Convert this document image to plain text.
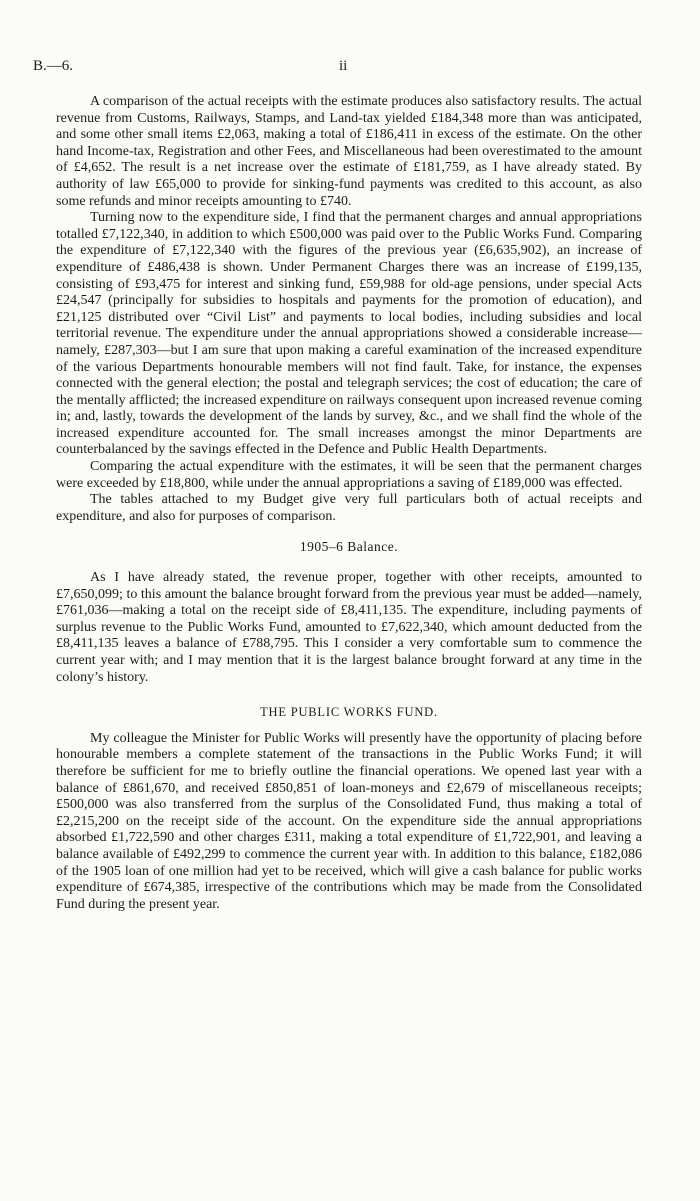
B.—6.	ii

A comparison of the actual receipts with the estimate produces also satisfactory results. The actual revenue from Customs, Railways, Stamps, and Land-tax yielded £184,348 more than was anticipated, and some other small items £2,063, making a total of £186,411 in excess of the estimate. On the other hand Income-tax, Registration and other Fees, and Miscellaneous had been overestimated to the amount of £4,652. The result is a net increase over the estimate of £181,759, as I have already stated. By authority of law £65,000 to provide for sinking-fund payments was credited to this account, as also some refunds and minor receipts amounting to £740.

Turning now to the expenditure side, I find that the permanent charges and annual appropriations totalled £7,122,340, in addition to which £500,000 was paid over to the Public Works Fund. Comparing the expenditure of £7,122,340 with the figures of the previous year (£6,635,902), an increase of expenditure of £486,438 is shown. Under Permanent Charges there was an increase of £199,135, consisting of £93,475 for interest and sinking fund, £59,988 for old-age pensions, under special Acts £24,547 (principally for subsidies to hospitals and payments for the promotion of education), and £21,125 distributed over “Civil List” and payments to local bodies, including subsidies and local territorial revenue. The expenditure under the annual appropriations showed a considerable increase—namely, £287,303—but I am sure that upon making a careful examination of the increased expenditure of the various Departments honourable members will not find fault. Take, for instance, the expenses connected with the general election; the postal and telegraph services; the cost of education; the care of the mentally afflicted; the increased expenditure on railways consequent upon increased revenue coming in; and, lastly, towards the development of the lands by survey, &c., and we shall find the whole of the increased expenditure accounted for. The small increases amongst the minor Departments are counterbalanced by the savings effected in the Defence and Public Health Departments.

Comparing the actual expenditure with the estimates, it will be seen that the permanent charges were exceeded by £18,800, while under the annual appropriations a saving of £189,000 was effected.

The tables attached to my Budget give very full particulars both of actual receipts and expenditure, and also for purposes of comparison.

1905–6 Balance.

As I have already stated, the revenue proper, together with other receipts, amounted to £7,650,099; to this amount the balance brought forward from the previous year must be added—namely, £761,036—making a total on the receipt side of £8,411,135. The expenditure, including payments of surplus revenue to the Public Works Fund, amounted to £7,622,340, which amount deducted from the £8,411,135 leaves a balance of £788,795. This I consider a very comfortable sum to commence the current year with; and I may mention that it is the largest balance brought forward at any time in the colony’s history.

THE PUBLIC WORKS FUND.

My colleague the Minister for Public Works will presently have the opportunity of placing before honourable members a complete statement of the transactions in the Public Works Fund; it will therefore be sufficient for me to briefly outline the financial operations. We opened last year with a balance of £861,670, and received £850,851 of loan-moneys and £2,679 of miscellaneous receipts; £500,000 was also transferred from the surplus of the Consolidated Fund, thus making a total of £2,215,200 on the receipt side of the account. On the expenditure side the annual appropriations absorbed £1,722,590 and other charges £311, making a total expenditure of £1,722,901, and leaving a balance available of £492,299 to commence the current year with. In addition to this balance, £182,086 of the 1905 loan of one million had yet to be received, which will give a cash balance for public works expenditure of £674,385, irrespective of the contributions which may be made from the Consolidated Fund during the present year.
